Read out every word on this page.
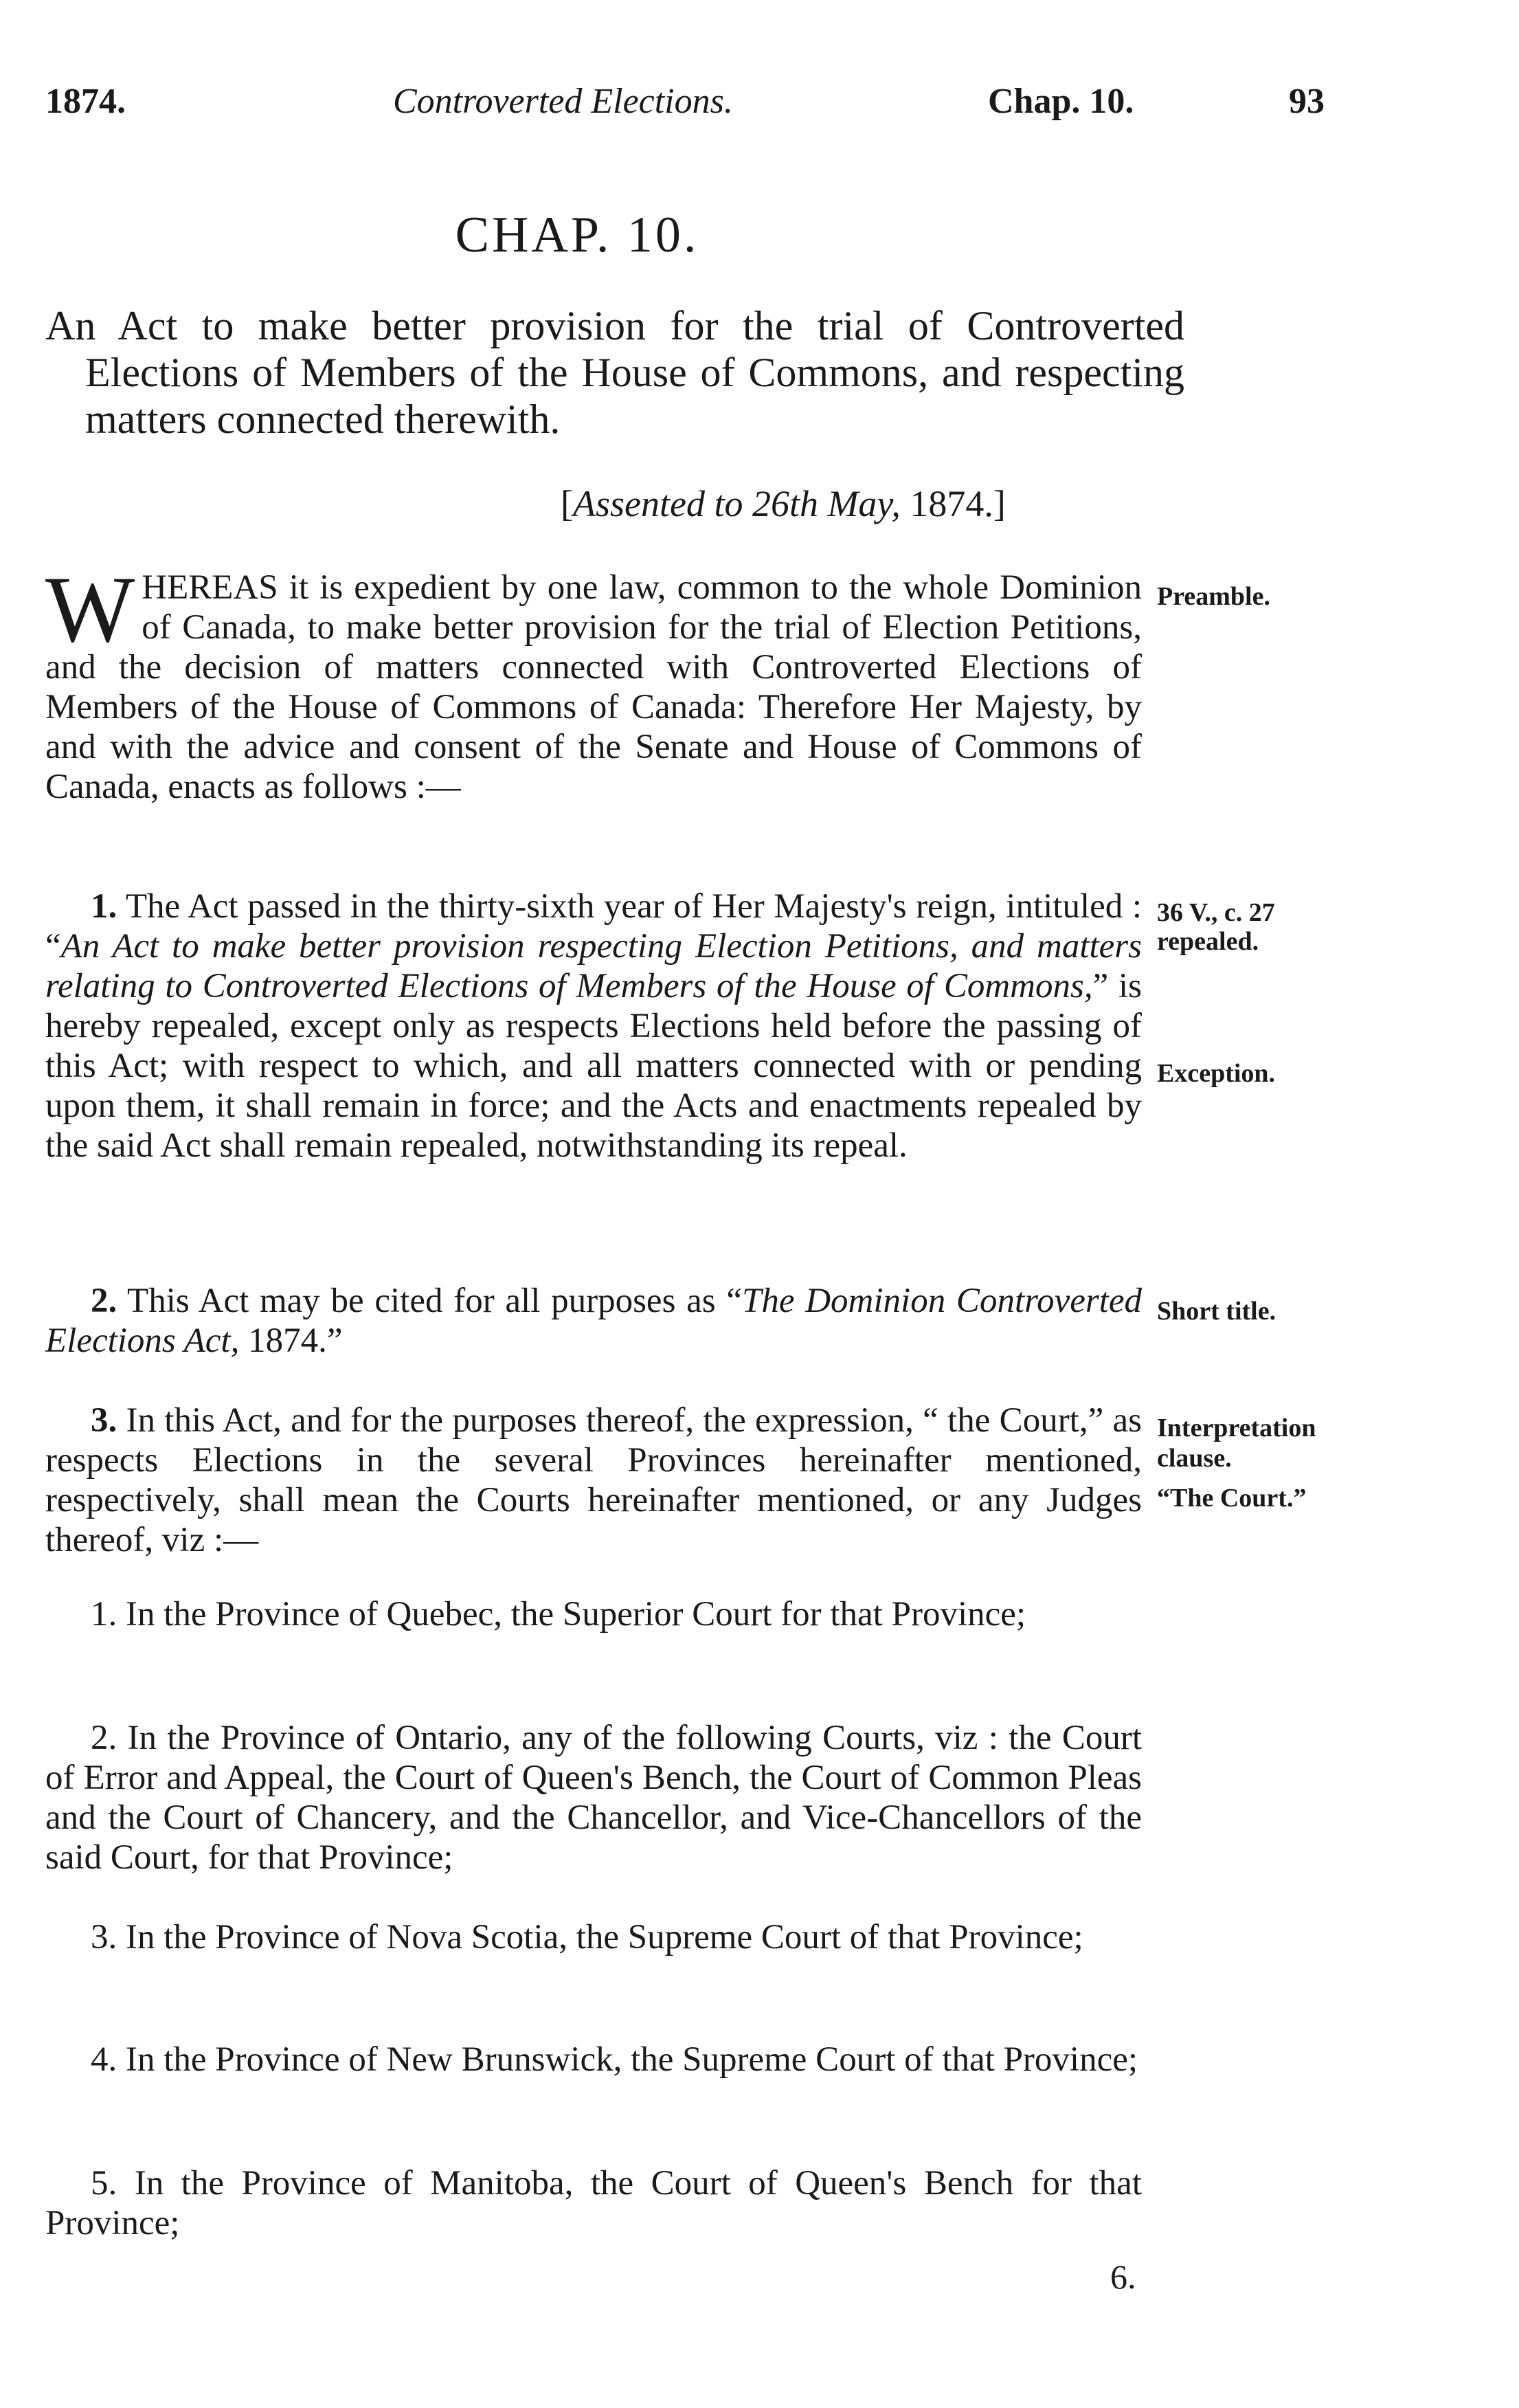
1874.	Controverted Elections.	Chap. 10.	93
CHAP. 10.
An Act to make better provision for the trial of Controverted Elections of Members of the House of Commons, and respecting matters connected therewith.
[Assented to 26th May, 1874.]
WHEREAS it is expedient by one law, common to the whole Dominion of Canada, to make better provision for the trial of Election Petitions, and the decision of matters connected with Controverted Elections of Members of the House of Commons of Canada: Therefore Her Majesty, by and with the advice and consent of the Senate and House of Commons of Canada, enacts as follows :—
1. The Act passed in the thirty-sixth year of Her Majesty's reign, intituled : “An Act to make better provision respecting Election Petitions, and matters relating to Controverted Elections of Members of the House of Commons,” is hereby repealed, except only as respects Elections held before the passing of this Act; with respect to which, and all matters connected with or pending upon them, it shall remain in force; and the Acts and enactments repealed by the said Act shall remain repealed, notwithstanding its repeal.
2. This Act may be cited for all purposes as “The Dominion Controverted Elections Act, 1874.”
3. In this Act, and for the purposes thereof, the expression, “ the Court,” as respects Elections in the several Provinces hereinafter mentioned, respectively, shall mean the Courts hereinafter mentioned, or any Judges thereof, viz :—
1. In the Province of Quebec, the Superior Court for that Province;
2. In the Province of Ontario, any of the following Courts, viz : the Court of Error and Appeal, the Court of Queen's Bench, the Court of Common Pleas and the Court of Chancery, and the Chancellor, and Vice-Chancellors of the said Court, for that Province;
3. In the Province of Nova Scotia, the Supreme Court of that Province;
4. In the Province of New Brunswick, the Supreme Court of that Province;
5. In the Province of Manitoba, the Court of Queen's Bench for that Province;
Preamble.
36 V., c. 27
repealed.
Exception.
Short title.
Interpretation
clause.
“The Court.”
6.
